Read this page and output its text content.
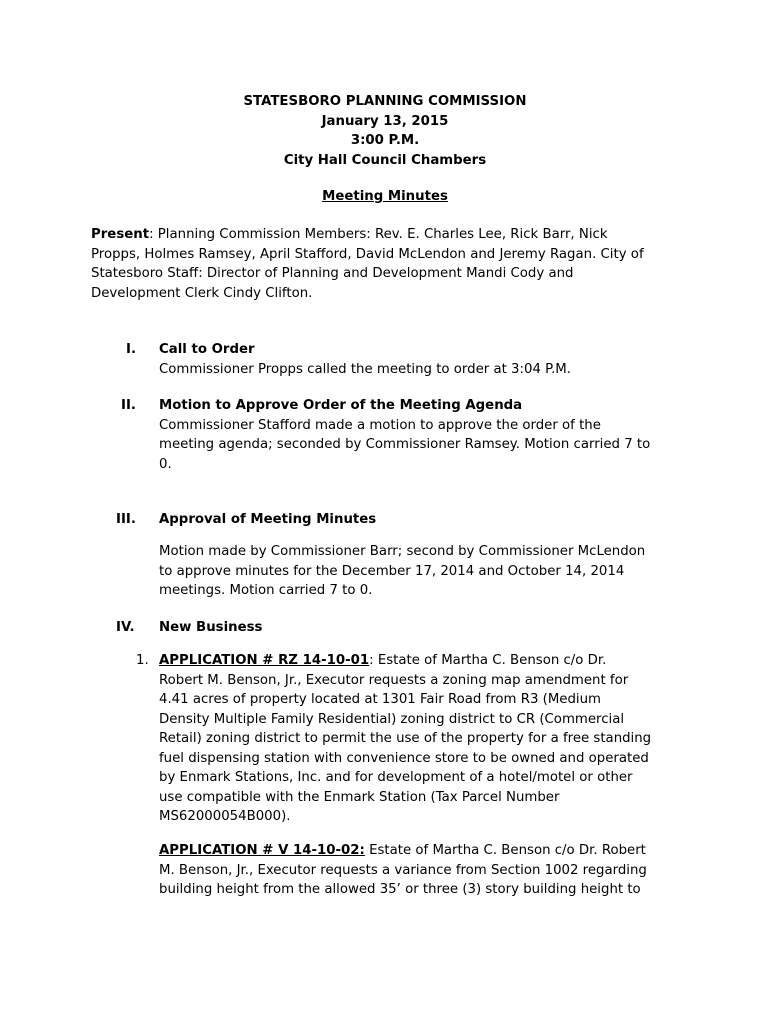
STATESBORO PLANNING COMMISSION
January 13, 2015
3:00 P.M.
City Hall Council Chambers
Meeting Minutes
Present: Planning Commission Members: Rev. E. Charles Lee, Rick Barr, Nick
Propps, Holmes Ramsey, April Stafford, David McLendon and Jeremy Ragan. City of
Statesboro Staff: Director of Planning and Development Mandi Cody and
Development Clerk Cindy Clifton.
I. Call to Order
Commissioner Propps called the meeting to order at 3:04 P.M.
II. Motion to Approve Order of the Meeting Agenda
Commissioner Stafford made a motion to approve the order of the
meeting agenda; seconded by Commissioner Ramsey. Motion carried 7 to
0.
III. Approval of Meeting Minutes
Motion made by Commissioner Barr; second by Commissioner McLendon
to approve minutes for the December 17, 2014 and October 14, 2014
meetings. Motion carried 7 to 0.
IV. New Business
1. APPLICATION # RZ 14-10-01: Estate of Martha C. Benson c/o Dr.
Robert M. Benson, Jr., Executor requests a zoning map amendment for
4.41 acres of property located at 1301 Fair Road from R3 (Medium
Density Multiple Family Residential) zoning district to CR (Commercial
Retail) zoning district to permit the use of the property for a free standing
fuel dispensing station with convenience store to be owned and operated
by Enmark Stations, Inc. and for development of a hotel/motel or other
use compatible with the Enmark Station (Tax Parcel Number
MS62000054B000).
APPLICATION # V 14-10-02: Estate of Martha C. Benson c/o Dr. Robert
M. Benson, Jr., Executor requests a variance from Section 1002 regarding
building height from the allowed 35’ or three (3) story building height to
